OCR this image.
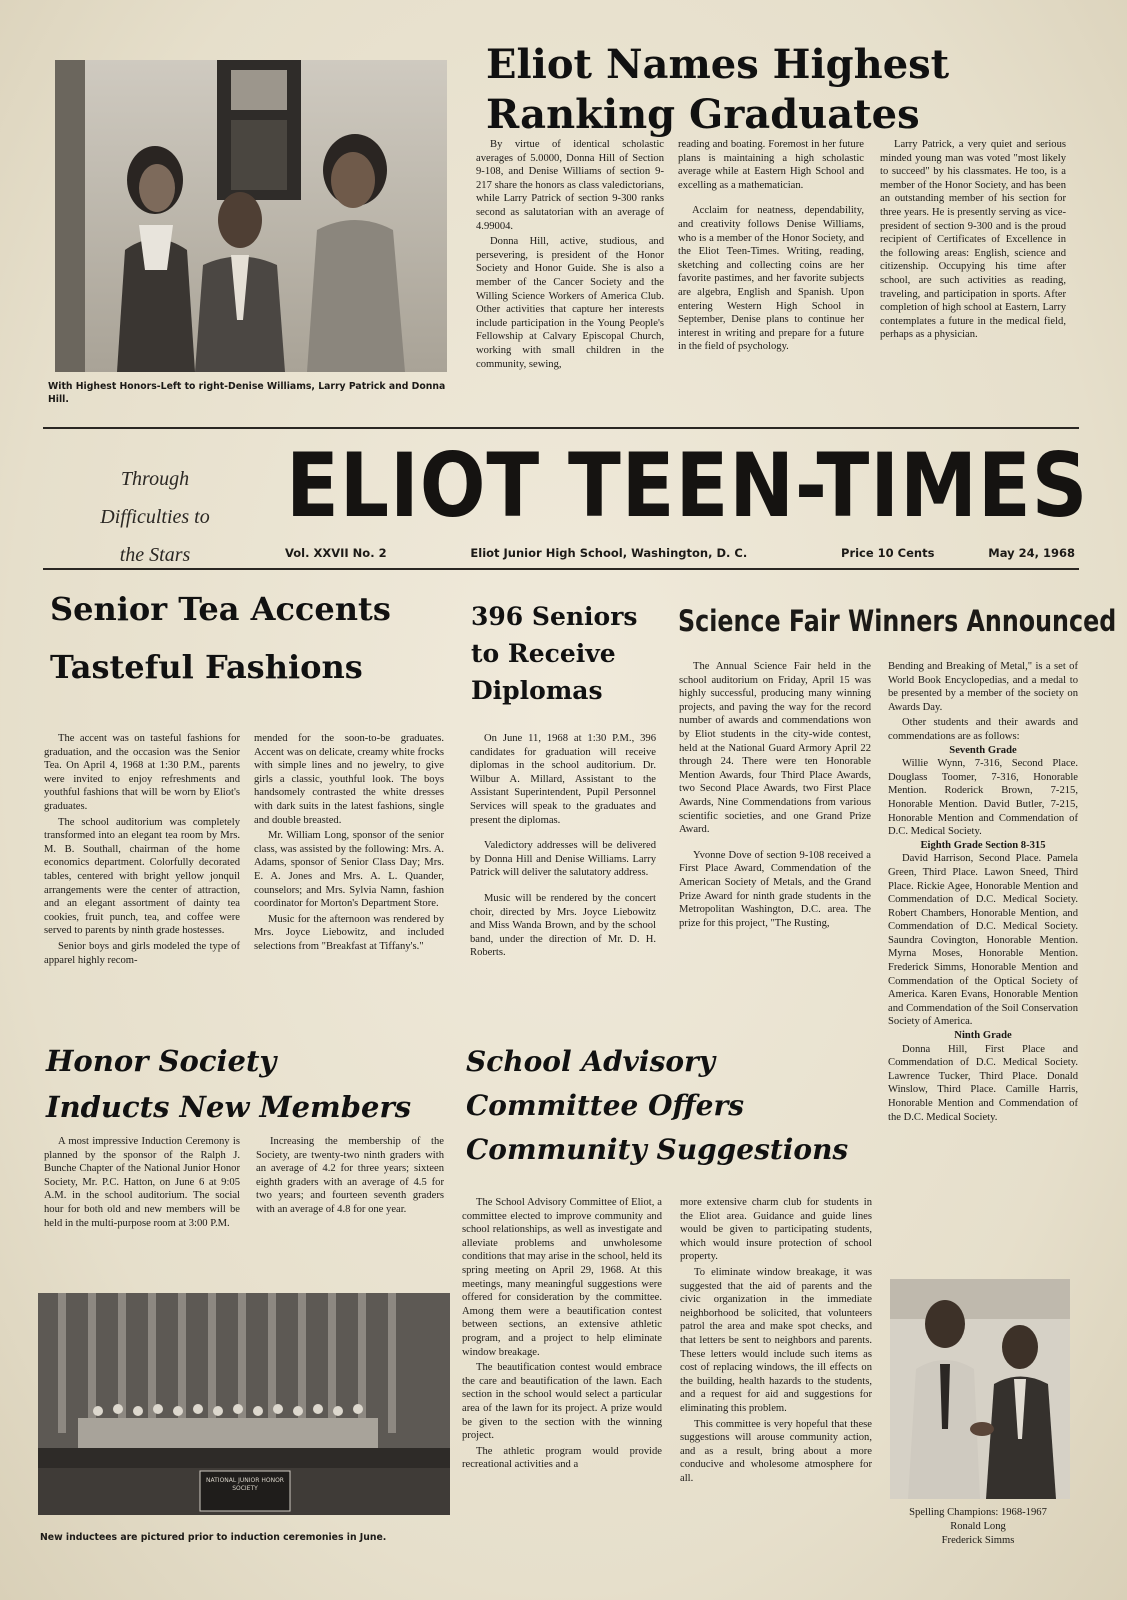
With Highest Honors-Left to right-Denise Williams, Larry Patrick and Donna Hill.

Eliot Names Highest Ranking Graduates

By virtue of identical scholastic averages of 5.0000, Donna Hill of Section 9-108, and Denise Williams of section 9-217 share the honors as class valedictorians, while Larry Patrick of section 9-300 ranks second as salutatorian with an average of 4.99004.

Donna Hill, active, studious, and persevering, is president of the Honor Society and Honor Guide. She is also a member of the Cancer Society and the Willing Science Workers of America Club. Other activities that capture her interests include participation in the Young People's Fellowship at Calvary Episcopal Church, working with small children in the community, sewing,

reading and boating. Foremost in her future plans is maintaining a high scholastic average while at Eastern High School and excelling as a mathematician.

Acclaim for neatness, dependability, and creativity follows Denise Williams, who is a member of the Honor Society, and the Eliot Teen-Times. Writing, reading, sketching and collecting coins are her favorite pastimes, and her favorite subjects are algebra, English and Spanish. Upon entering Western High School in September, Denise plans to continue her interest in writing and prepare for a future in the field of psychology.

Larry Patrick, a very quiet and serious minded young man was voted "most likely to succeed" by his classmates. He too, is a member of the Honor Society, and has been an outstanding member of his section for three years. He is presently serving as vice-president of section 9-300 and is the proud recipient of Certificates of Excellence in the following areas: English, science and citizenship. Occupying his time after school, are such activities as reading, traveling, and participation in sports. After completion of high school at Eastern, Larry contemplates a future in the medical field, perhaps as a physician.

Through
Difficulties to
the Stars
ELIOT TEEN-TIMES
Vol. XXVII No. 2	Eliot Junior High School, Washington, D. C.	Price 10 Cents	May 24, 1968
Senior Tea Accents
Tasteful Fashions

The accent was on tasteful fashions for graduation, and the occasion was the Senior Tea. On April 4, 1968 at 1:30 P.M., parents were invited to enjoy refreshments and youthful fashions that will be worn by Eliot's graduates.

The school auditorium was completely transformed into an elegant tea room by Mrs. M. B. Southall, chairman of the home economics department. Colorfully decorated tables, centered with bright yellow jonquil arrangements were the center of attraction, and an elegant assortment of dainty tea cookies, fruit punch, tea, and coffee were served to parents by ninth grade hostesses.

Senior boys and girls modeled the type of apparel highly recom-

mended for the soon-to-be graduates. Accent was on delicate, creamy white frocks with simple lines and no jewelry, to give girls a classic, youthful look. The boys handsomely contrasted the white dresses with dark suits in the latest fashions, single and double breasted.

Mr. William Long, sponsor of the senior class, was assisted by the following: Mrs. A. Adams, sponsor of Senior Class Day; Mrs. E. A. Jones and Mrs. A. L. Quander, counselors; and Mrs. Sylvia Namn, fashion coordinator for Morton's Department Store.

Music for the afternoon was rendered by Mrs. Joyce Liebowitz, and included selections from "Breakfast at Tiffany's."

396 Seniors
to Receive
Diplomas

On June 11, 1968 at 1:30 P.M., 396 candidates for graduation will receive diplomas in the school auditorium. Dr. Wilbur A. Millard, Assistant to the Assistant Superintendent, Pupil Personnel Services will speak to the graduates and present the diplomas.

Valedictory addresses will be delivered by Donna Hill and Denise Williams. Larry Patrick will deliver the salutatory address.

Music will be rendered by the concert choir, directed by Mrs. Joyce Liebowitz and Miss Wanda Brown, and by the school band, under the direction of Mr. D. H. Roberts.

Science Fair Winners Announced

The Annual Science Fair held in the school auditorium on Friday, April 15 was highly successful, producing many winning projects, and paving the way for the record number of awards and commendations won by Eliot students in the city-wide contest, held at the National Guard Armory April 22 through 24. There were ten Honorable Mention Awards, four Third Place Awards, two Second Place Awards, two First Place Awards, Nine Commendations from various scientific societies, and one Grand Prize Award.

Yvonne Dove of section 9-108 received a First Place Award, Commendation of the American Society of Metals, and the Grand Prize Award for ninth grade students in the Metropolitan Washington, D.C. area. The prize for this project, "The Rusting,

Bending and Breaking of Metal," is a set of World Book Encyclopedias, and a medal to be presented by a member of the society on Awards Day.

Other students and their awards and commendations are as follows:

Seventh Grade

Willie Wynn, 7-316, Second Place. Douglass Toomer, 7-316, Honorable Mention. Roderick Brown, 7-215, Honorable Mention. David Butler, 7-215, Honorable Mention and Commendation of D.C. Medical Society.

Eighth Grade Section 8-315

David Harrison, Second Place. Pamela Green, Third Place. Lawon Sneed, Third Place. Rickie Agee, Honorable Mention and Commendation of D.C. Medical Society. Robert Chambers, Honorable Mention, and Commendation of D.C. Medical Society. Saundra Covington, Honorable Mention. Myrna Moses, Honorable Mention. Frederick Simms, Honorable Mention and Commendation of the Optical Society of America. Karen Evans, Honorable Mention and Commendation of the Soil Conservation Society of America.

Ninth Grade

Donna Hill, First Place and Commendation of D.C. Medical Society. Lawrence Tucker, Third Place. Donald Winslow, Third Place. Camille Harris, Honorable Mention and Commendation of the D.C. Medical Society.

Spelling Champions: 1968-1967
Ronald Long
Frederick Simms
Honor Society
Inducts New Members

A most impressive Induction Ceremony is planned by the sponsor of the Ralph J. Bunche Chapter of the National Junior Honor Society, Mr. P.C. Hatton, on June 6 at 9:05 A.M. in the school auditorium. The social hour for both old and new members will be held in the multi-purpose room at 3:00 P.M.

Increasing the membership of the Society, are twenty-two ninth graders with an average of 4.2 for three years; sixteen eighth graders with an average of 4.5 for two years; and fourteen seventh graders with an average of 4.8 for one year.

NATIONAL JUNIOR HONOR SOCIETY

New inductees are pictured prior to induction ceremonies in June.

School Advisory
Committee Offers
Community Suggestions

The School Advisory Committee of Eliot, a committee elected to improve community and school relationships, as well as investigate and alleviate problems and unwholesome conditions that may arise in the school, held its spring meeting on April 29, 1968. At this meetings, many meaningful suggestions were offered for consideration by the committee. Among them were a beautification contest between sections, an extensive athletic program, and a project to help eliminate window breakage.

The beautification contest would embrace the care and beautification of the lawn. Each section in the school would select a particular area of the lawn for its project. A prize would be given to the section with the winning project.

The athletic program would provide recreational activities and a

more extensive charm club for students in the Eliot area. Guidance and guide lines would be given to participating students, which would insure protection of school property.

To eliminate window breakage, it was suggested that the aid of parents and the civic organization in the immediate neighborhood be solicited, that volunteers patrol the area and make spot checks, and that letters be sent to neighbors and parents. These letters would include such items as cost of replacing windows, the ill effects on the building, health hazards to the students, and a request for aid and suggestions for eliminating this problem.

This committee is very hopeful that these suggestions will arouse community action, and as a result, bring about a more conducive and wholesome atmosphere for all.
